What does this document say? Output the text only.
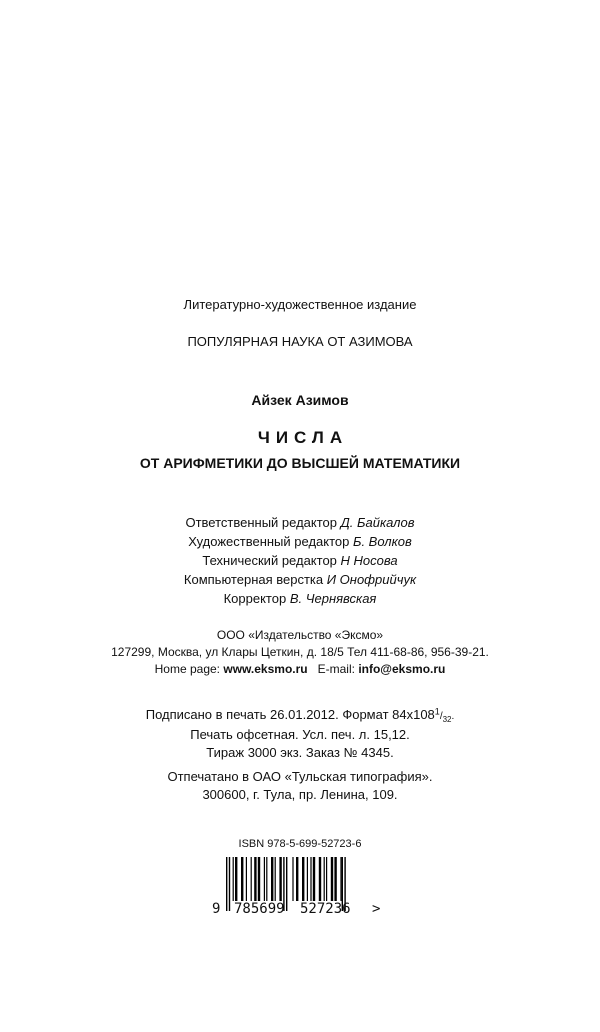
Литературно-художественное издание
ПОПУЛЯРНАЯ НАУКА ОТ АЗИМОВА
Айзек Азимов
ЧИСЛА
ОТ АРИФМЕТИКИ ДО ВЫСШЕЙ МАТЕМАТИКИ
Ответственный редактор Д. Байкалов
Художественный редактор Б. Волков
Технический редактор Н Носова
Компьютерная верстка И Онофрийчук
Корректор В. Чернявская
ООО «Издательство «Эксмо»
127299, Москва, ул Клары Цеткин, д. 18/5 Тел 411-68-86, 956-39-21.
Home page: www.eksmo.ru E-mail: info@eksmo.ru
Подписано в печать 26.01.2012. Формат $84x108^1/_{32}$.
Печать офсетная. Усл. печ. л. 15,12.
Тираж 3000 экз. Заказ № 4345.
Отпечатано в ОАО «Тульская типография».
300600, г. Тула, пр. Ленина, 109.
ISBN 978-5-699-52723-6
9 785699 527236 >
